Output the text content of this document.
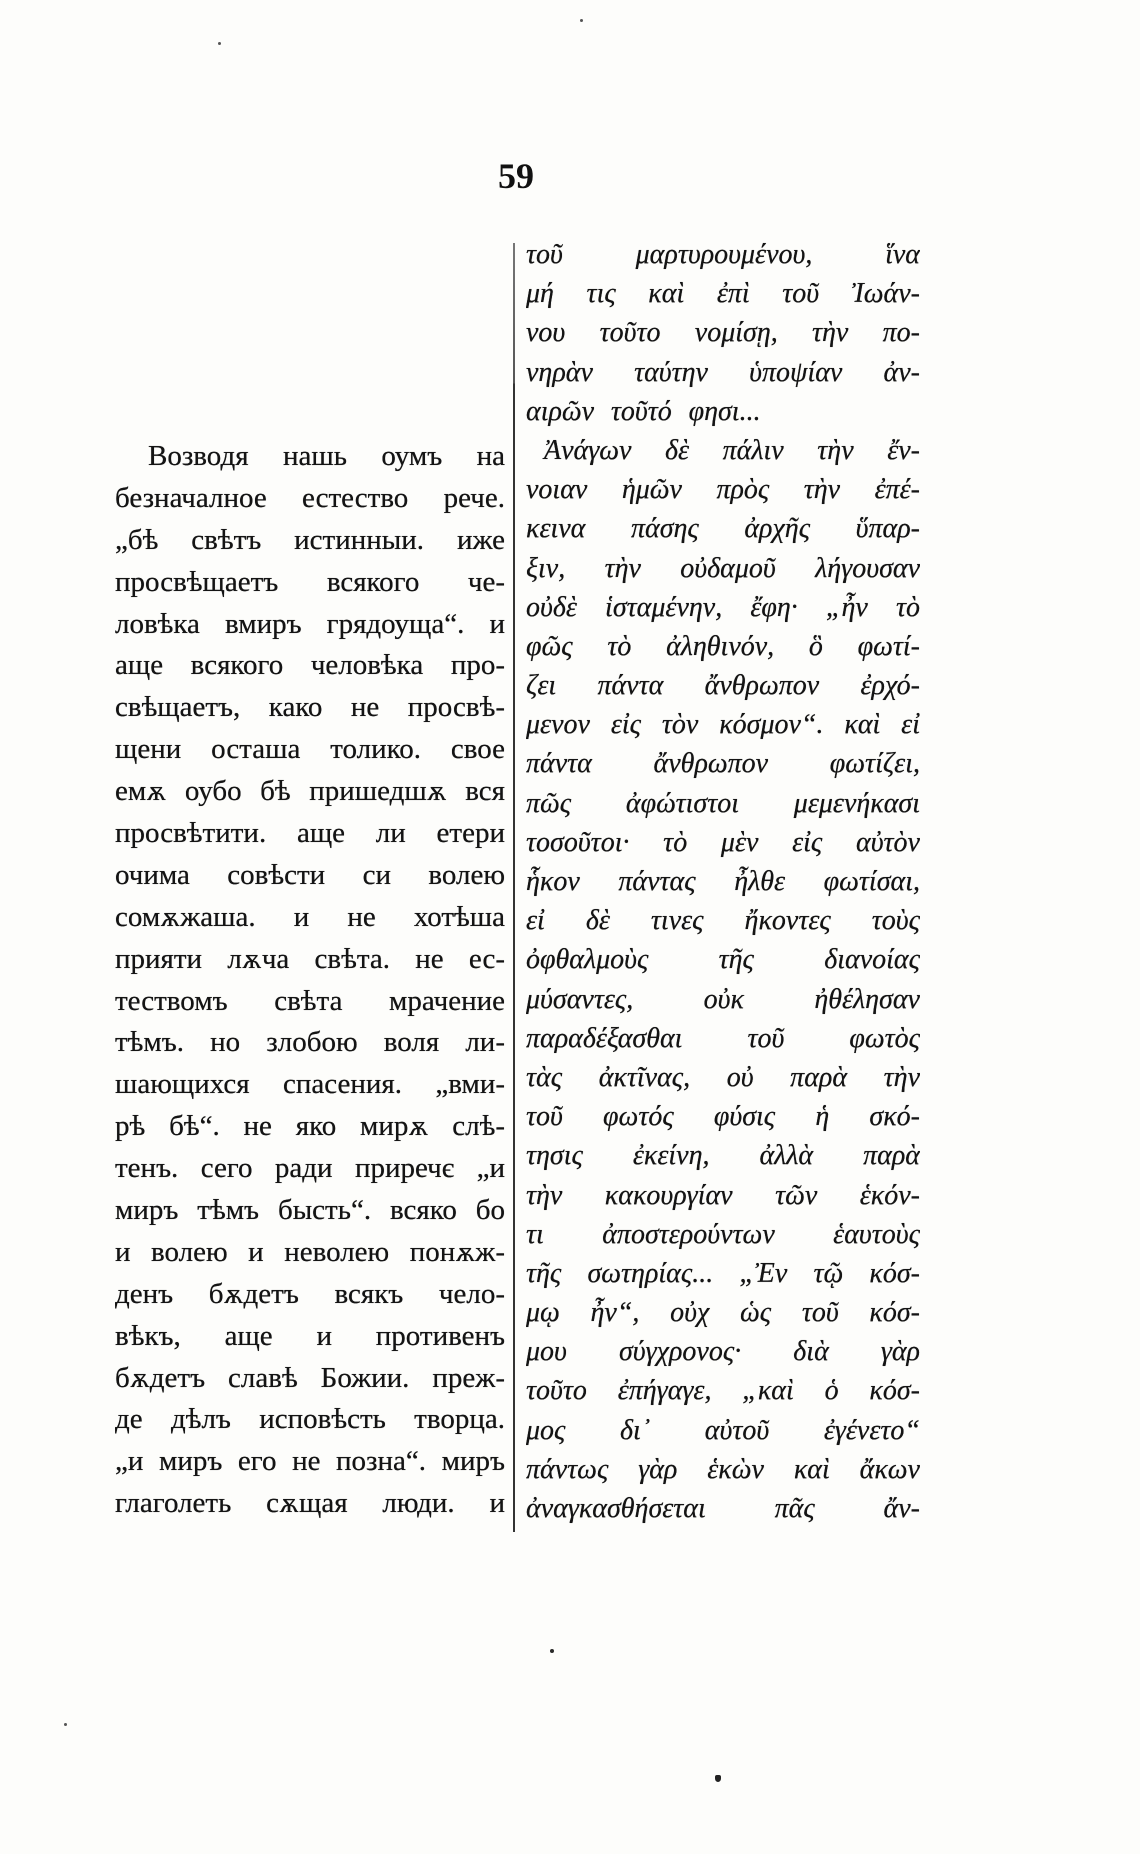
59
Возводя нашь оумъ на
безначалное естество рече.
„бѣ свѣтъ истинныи. иже
просвѣщаетъ всякого че-
ловѣка вмиръ грядоуща“. и
аще всякого человѣка про-
свѣщаетъ, како не просвѣ-
щени осташа толико. свое
емѫ оубо бѣ пришедшѫ вся
просвѣтити. аще ли етери
очима совѣсти си волею
сомѫжаша. и не хотѣша
прияти лѫча свѣта. не ес-
тествомъ свѣта мрачение
тѣмъ. но злобою воля ли-
шающихся спасения. „вми-
рѣ бѣ“. не яко мирѫ слѣ-
тенъ. сего ради приречє „и
миръ тѣмъ бысть“. всяко бо
и волею и неволею понѫж-
денъ бѫдетъ всякъ чело-
вѣкъ, аще и противенъ
бѫдетъ славѣ Божии. преж-
де дѣлъ исповѣсть творца.
„и миръ его не позна“. миръ
глаголеть сѫщая люди. и
τοῦ μαρτυρουμένου, ἵνα
μή τις καὶ ἐπὶ τοῦ Ἰωάν-
νου τοῦτο νομίσῃ, τὴν πο-
νηρὰν ταύτην ὑποψίαν ἀν-
αιρῶν τοῦτό φησι...
Ἀνάγων δὲ πάλιν τὴν ἔν-
νοιαν ἡμῶν πρὸς τὴν ἐπέ-
κεινα πάσης ἀρχῆς ὕπαρ-
ξιν, τὴν οὐδαμοῦ λήγουσαν
οὐδὲ ἱσταμένην, ἔφη· „ἦν τὸ
φῶς τὸ ἀληθινόν, ὃ φωτί-
ζει πάντα ἄνθρωπον ἐρχό-
μενον εἰς τὸν κόσμον“. καὶ εἰ
πάντα ἄνθρωπον φωτίζει,
πῶς ἀφώτιστοι μεμενήκασι
τοσοῦτοι· τὸ μὲν εἰς αὐτὸν
ἧκον πάντας ἦλθε φωτίσαι,
εἰ δὲ τινες ἤκοντες τοὺς
ὀφθαλμοὺς τῆς διανοίας
μύσαντες, οὐκ ἠθέλησαν
παραδέξασθαι τοῦ φωτὸς
τὰς ἀκτῖνας, οὐ παρὰ τὴν
τοῦ φωτός φύσις ἡ σκό-
τησις ἐκείνη, ἀλλὰ παρὰ
τὴν κακουργίαν τῶν ἑκόν-
τι ἀποστερούντων ἑαυτοὺς
τῆς σωτηρίας... „Ἐν τῷ κόσ-
μῳ ἦν“, οὐχ ὡς τοῦ κόσ-
μου σύγχρονος· διὰ γὰρ
τοῦτο ἐπήγαγε, „καὶ ὁ κόσ-
μος δι᾽ αὐτοῦ ἐγένετο“
πάντως γὰρ ἑκὼν καὶ ἄκων
ἀναγκασθήσεται πᾶς ἄν-
